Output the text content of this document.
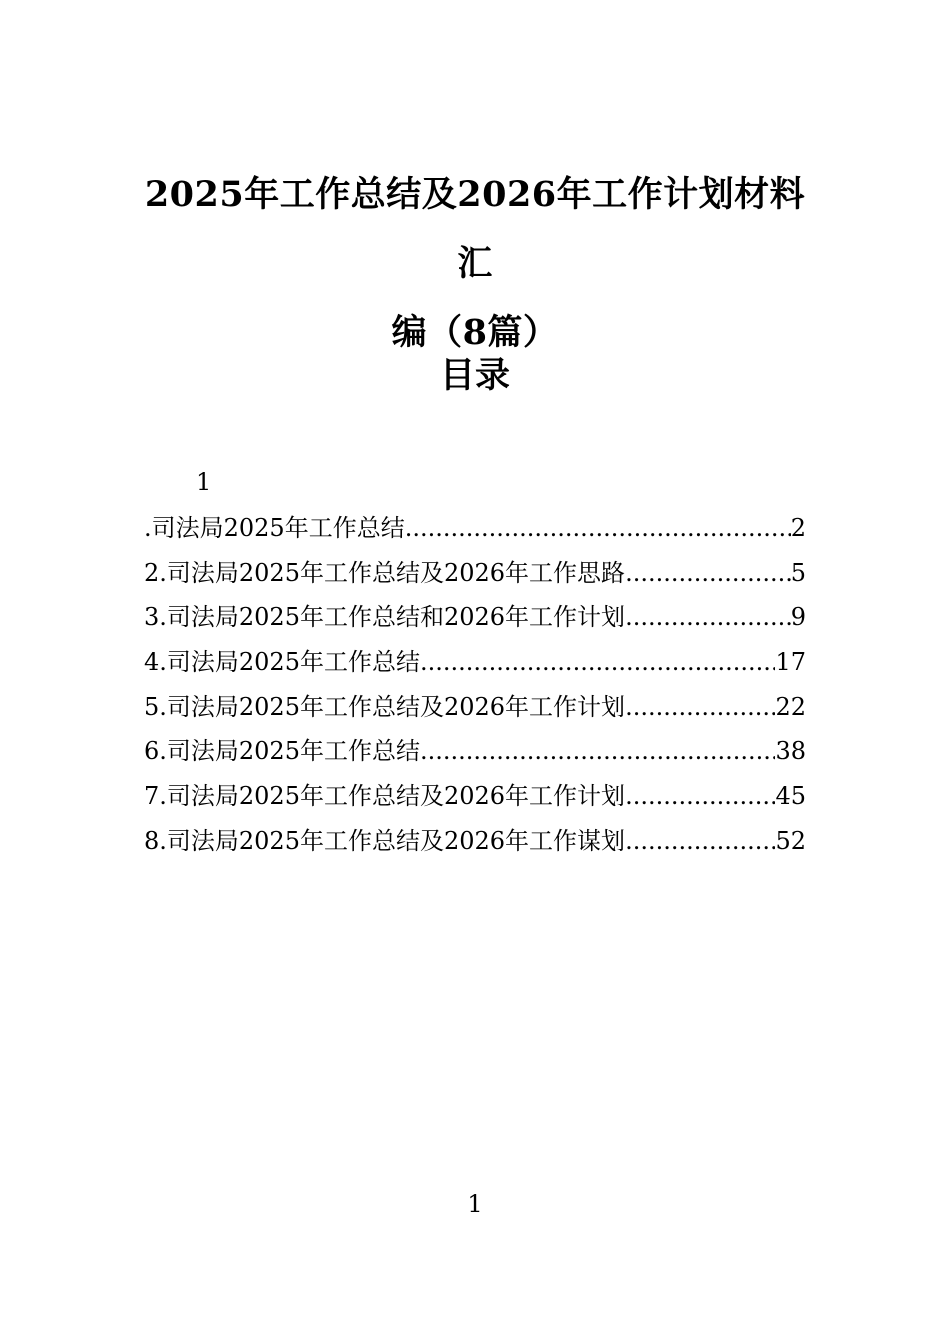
2025年工作总结及2026年工作计划材料汇
编（8篇）
目录
1
.司法局2025年工作总结 .....	2
2.司法局2025年工作总结及2026年工作思路 .....	5
3.司法局2025年工作总结和2026年工作计划 .....	9
4.司法局2025年工作总结 .....	17
5.司法局2025年工作总结及2026年工作计划 .....	22
6.司法局2025年工作总结 .....	38
7.司法局2025年工作总结及2026年工作计划 .....	45
8.司法局2025年工作总结及2026年工作谋划 .....	52
1
